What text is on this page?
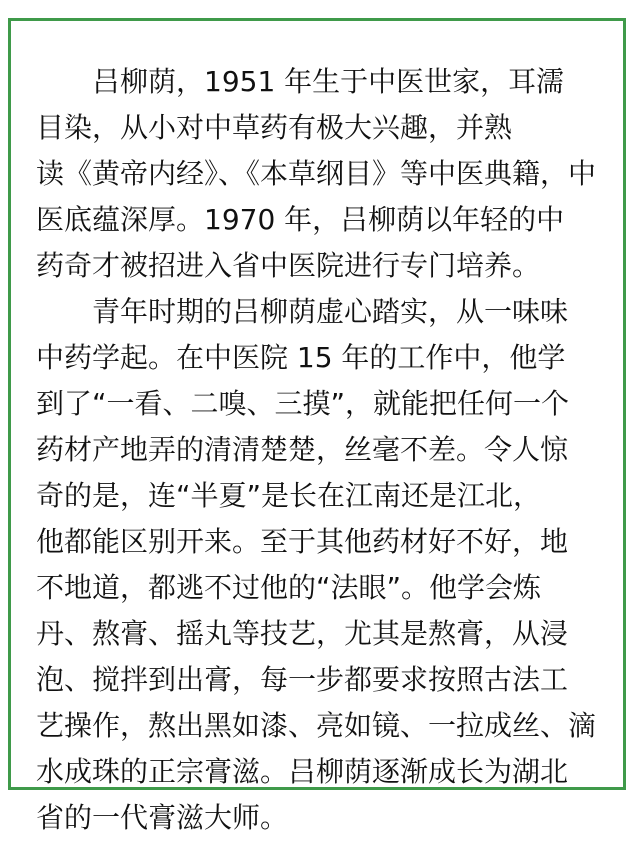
　　吕柳荫，1951 年生于中医世家，耳濡
目染，从小对中草药有极大兴趣，并熟
读《黄帝内经》、《本草纲目》等中医典籍，中
医底蕴深厚。1970 年，吕柳荫以年轻的中
药奇才被招进入省中医院进行专门培养。
　　青年时期的吕柳荫虚心踏实，从一味味
中药学起。在中医院 15 年的工作中，他学
到了“一看、二嗅、三摸”，就能把任何一个
药材产地弄的清清楚楚，丝毫不差。令人惊
奇的是，连“半夏”是长在江南还是江北，
他都能区别开来。至于其他药材好不好，地
不地道，都逃不过他的“法眼”。他学会炼
丹、熬膏、摇丸等技艺，尤其是熬膏，从浸
泡、搅拌到出膏，每一步都要求按照古法工
艺操作，熬出黑如漆、亮如镜、一拉成丝、滴
水成珠的正宗膏滋。吕柳荫逐渐成长为湖北
省的一代膏滋大师。
